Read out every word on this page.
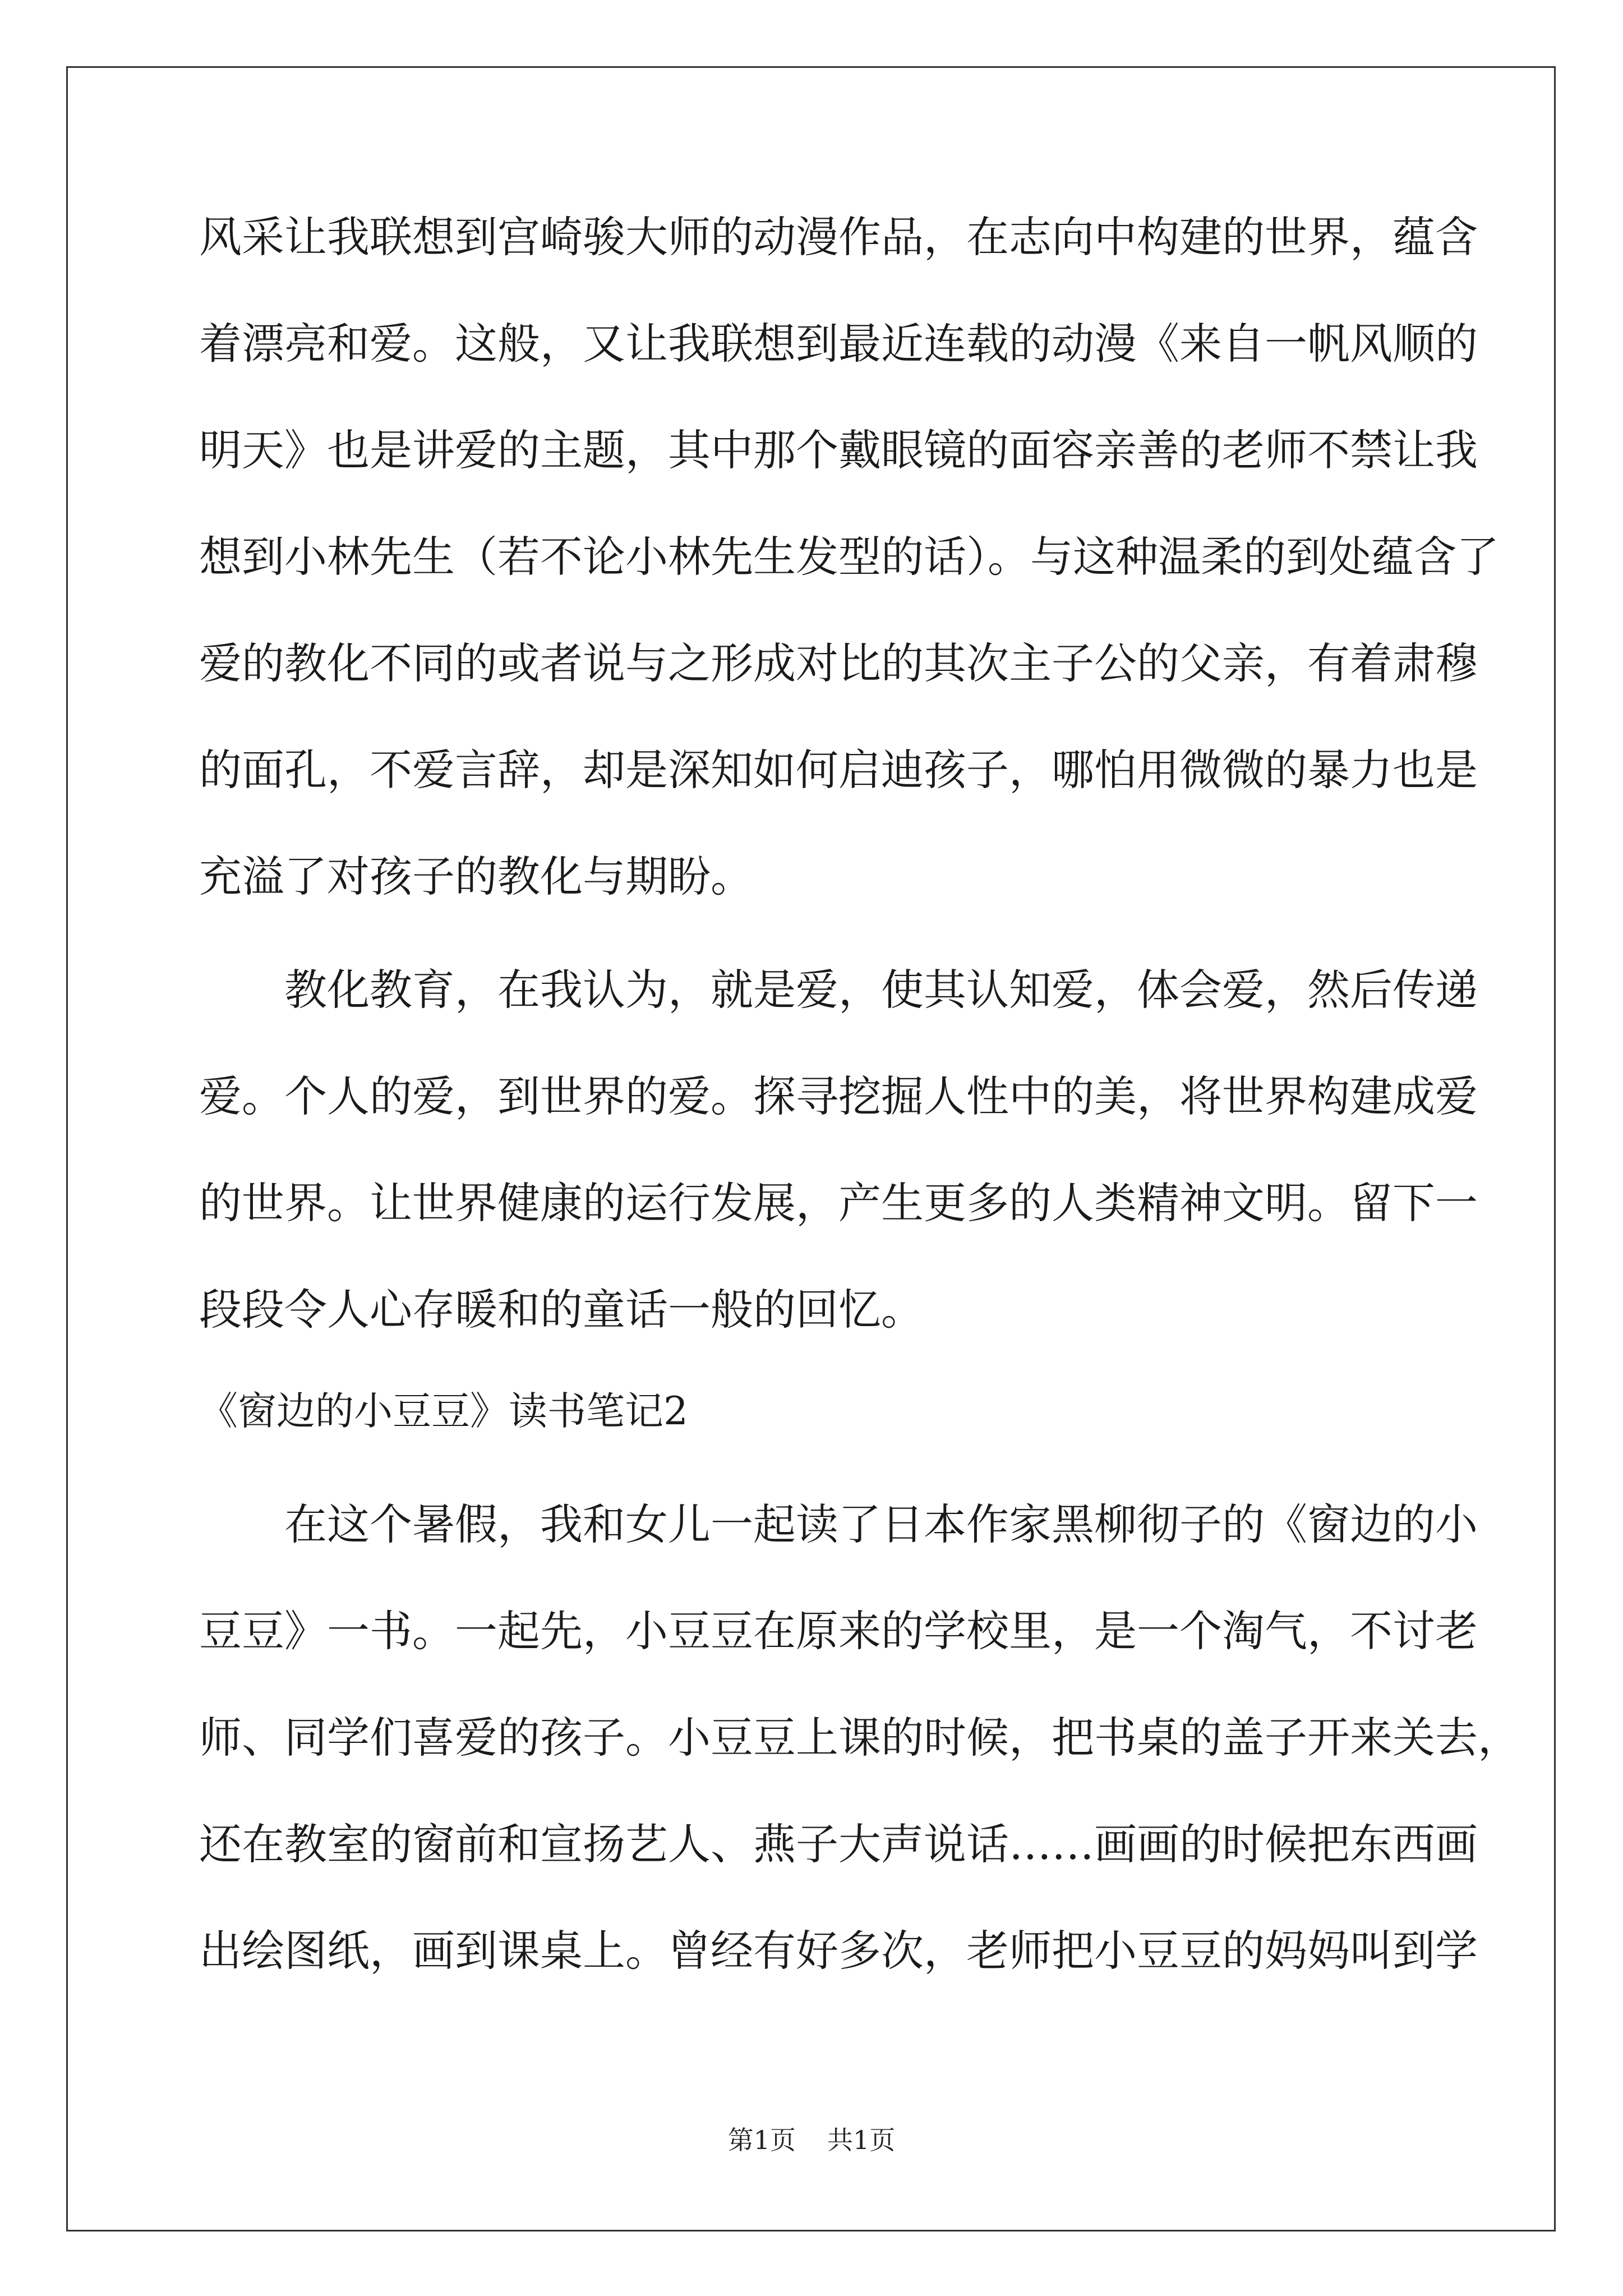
风采让我联想到宫崎骏大师的动漫作品，在志向中构建的世界，蕴含
着漂亮和爱。这般，又让我联想到最近连载的动漫《来自一帆风顺的
明天》也是讲爱的主题，其中那个戴眼镜的面容亲善的老师不禁让我
想到小林先生（若不论小林先生发型的话）。与这种温柔的到处蕴含了
爱的教化不同的或者说与之形成对比的其次主子公的父亲，有着肃穆
的面孔，不爱言辞，却是深知如何启迪孩子，哪怕用微微的暴力也是
充溢了对孩子的教化与期盼。
教化教育，在我认为，就是爱，使其认知爱，体会爱，然后传递
爱。个人的爱，到世界的爱。探寻挖掘人性中的美，将世界构建成爱
的世界。让世界健康的运行发展，产生更多的人类精神文明。留下一
段段令人心存暖和的童话一般的回忆。
《窗边的小豆豆》读书笔记2
在这个暑假，我和女儿一起读了日本作家黑柳彻子的《窗边的小
豆豆》一书。一起先，小豆豆在原来的学校里，是一个淘气，不讨老
师、同学们喜爱的孩子。小豆豆上课的时候，把书桌的盖子开来关去，
还在教室的窗前和宣扬艺人、燕子大声说话……画画的时候把东西画
出绘图纸，画到课桌上。曾经有好多次，老师把小豆豆的妈妈叫到学
第1页 共1页
